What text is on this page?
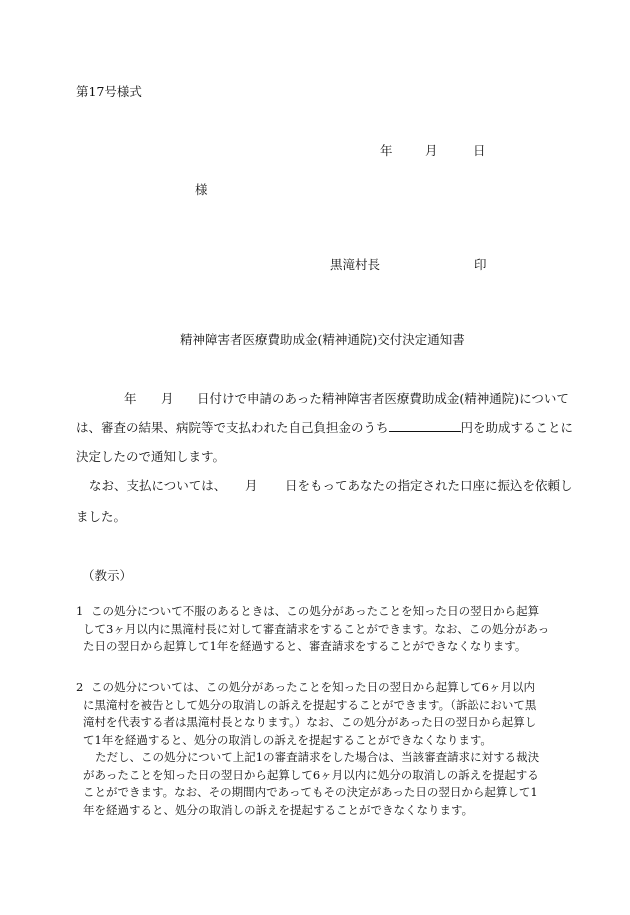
第17号様式
年	月	日
様
黒滝村長	印
精神障害者医療費助成金(精神通院)交付決定通知書
年 月 日付けで申請のあった精神障害者医療費助成金(精神通院)について
は、審査の結果、病院等で支払われた自己負担金のうち	円を助成することに
決定したので通知します。
なお、支払については、 月 日をもってあなたの指定された口座に振込を依頼し
ました。
（教示）
1 この処分について不服のあるときは、この処分があったことを知った日の翌日から起算
して3ヶ月以内に黒滝村長に対して審査請求をすることができます。なお、この処分があっ
た日の翌日から起算して1年を経過すると、審査請求をすることができなくなります。
2 この処分については、この処分があったことを知った日の翌日から起算して6ヶ月以内
に黒滝村を被告として処分の取消しの訴えを提起することができます。（訴訟において黒
滝村を代表する者は黒滝村長となります。）なお、この処分があった日の翌日から起算し
て1年を経過すると、処分の取消しの訴えを提起することができなくなります。
ただし、この処分について上記1の審査請求をした場合は、当該審査請求に対する裁決
があったことを知った日の翌日から起算して6ヶ月以内に処分の取消しの訴えを提起する
ことができます。なお、その期間内であってもその決定があった日の翌日から起算して1
年を経過すると、処分の取消しの訴えを提起することができなくなります。
